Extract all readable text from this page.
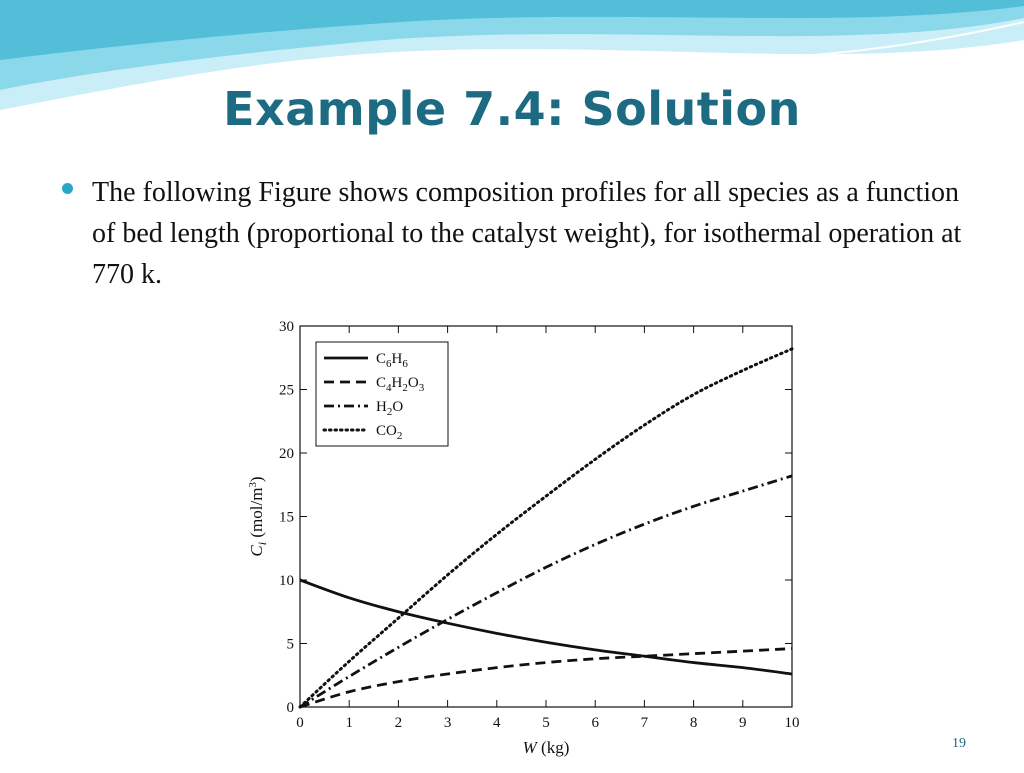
Example 7.4: Solution
The following Figure shows composition profiles for all species as a function of bed length (proportional to the catalyst weight), for isothermal operation at 770 k.
$C_i$ $(mol/m^3)$
W (kg)
0	1	2	3	4	5	6	7	8	9	10
0
5
10
15
20
25
30
$C_6H_6$
$C_4H_2O_3$
$H_2O$
$CO_2$
19
